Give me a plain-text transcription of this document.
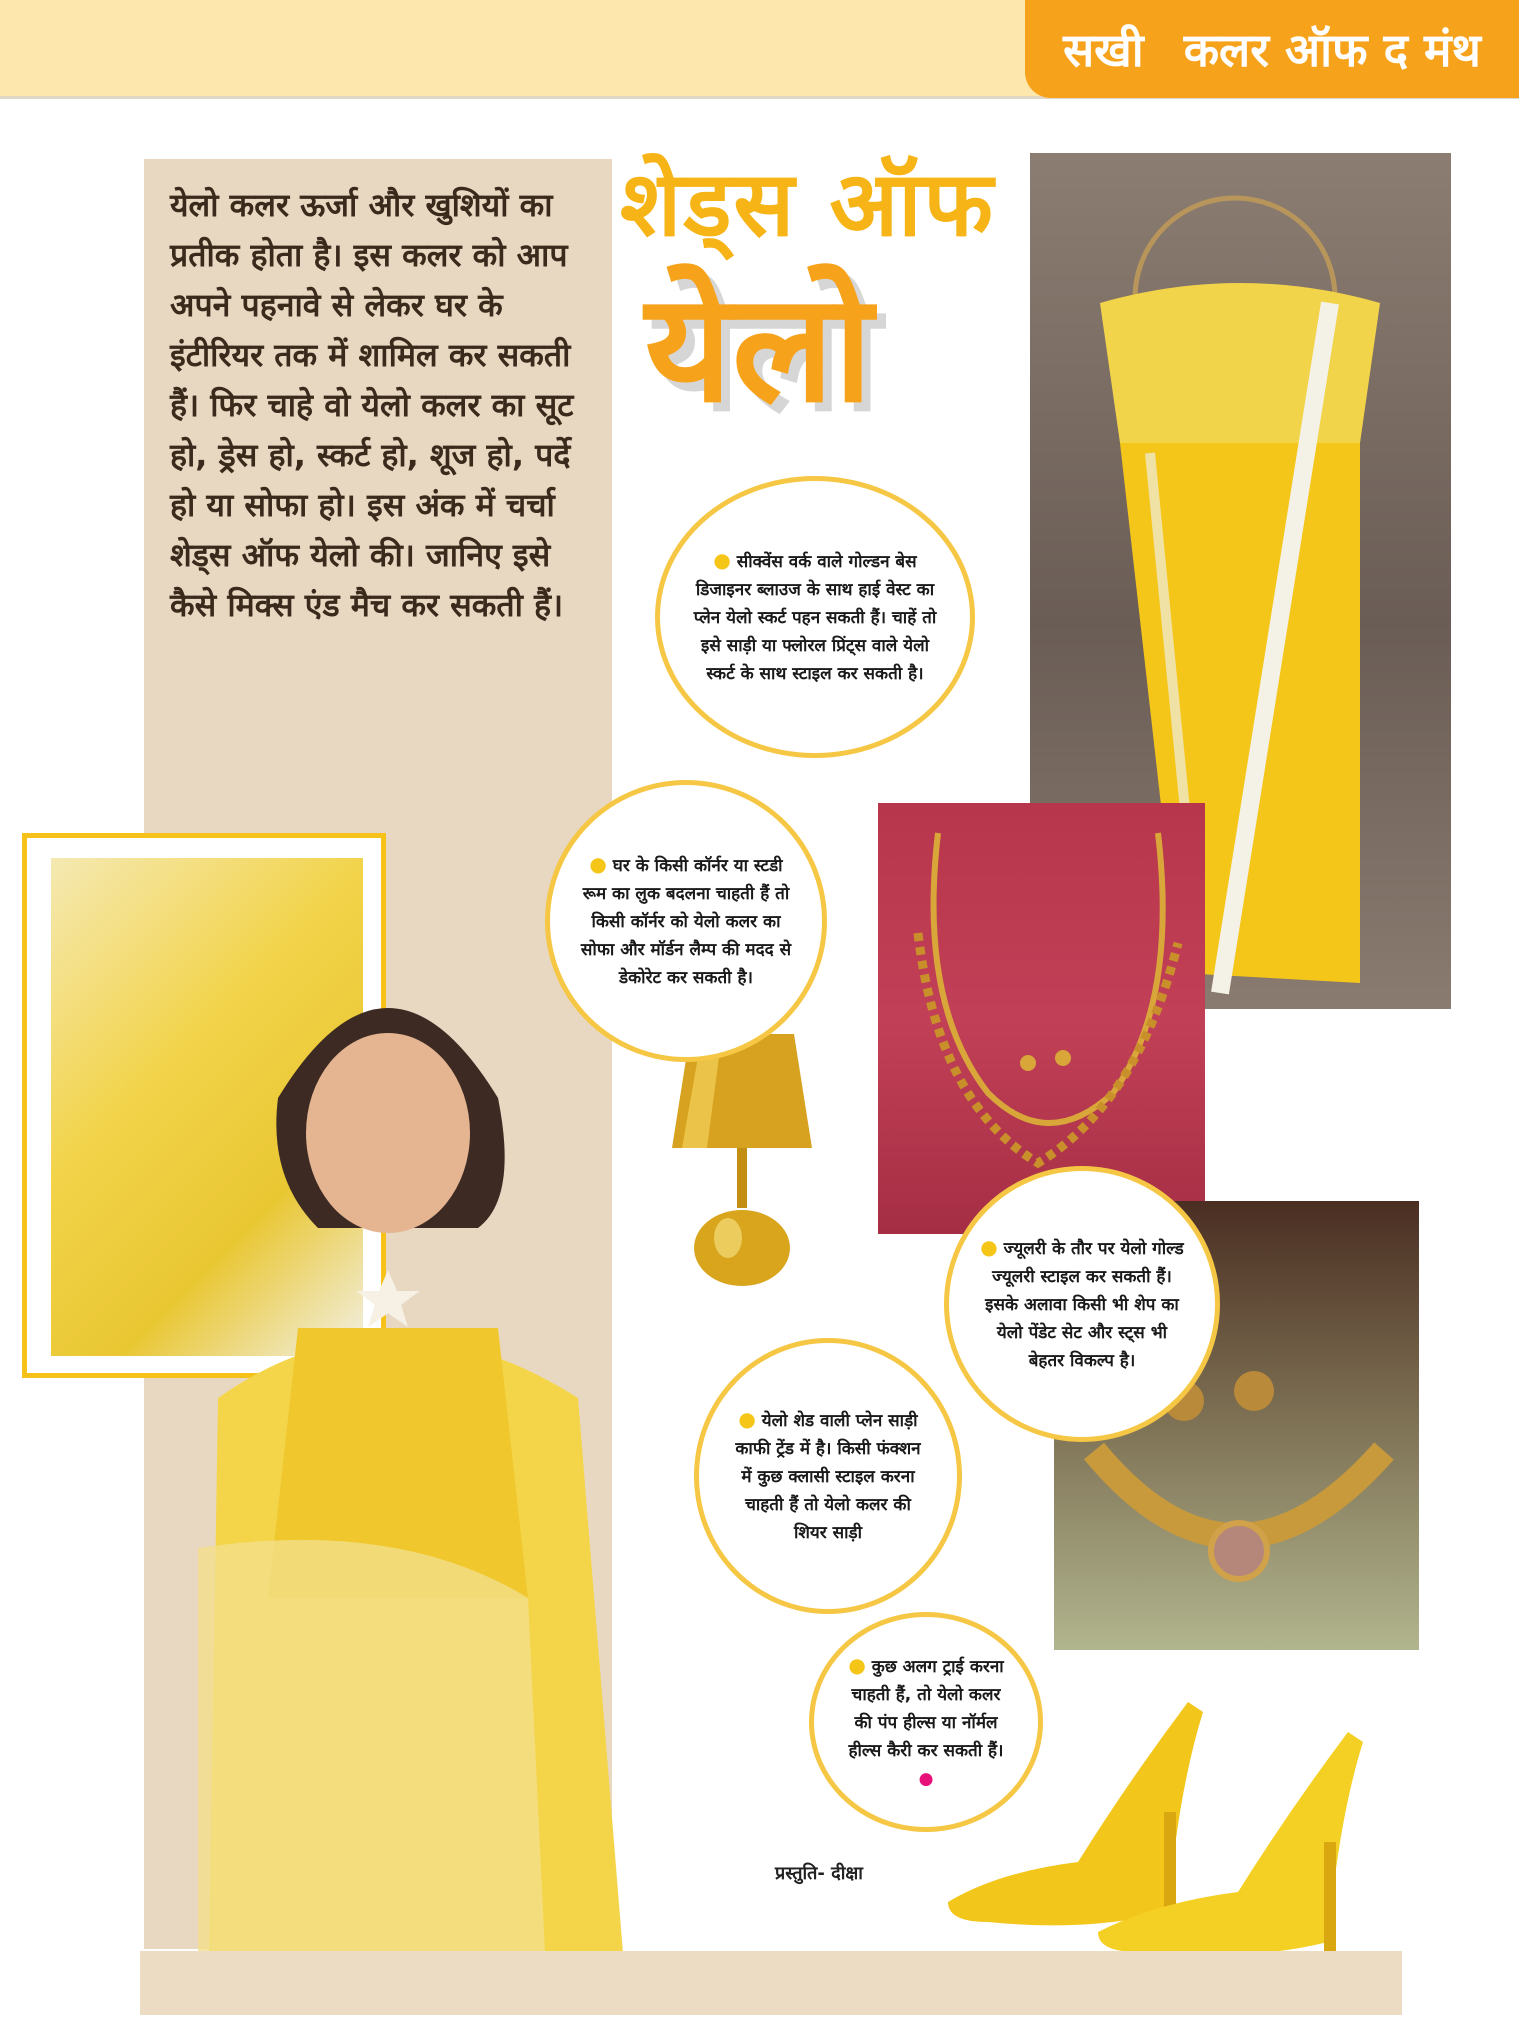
सखी कलर ऑफ द मंथ

येलो कलर ऊर्जा और खुशियों का प्रतीक होता है। इस कलर को आप अपने पहनावे से लेकर घर के इंटीरियर तक में शामिल कर सकती हैं। फिर चाहे वो येलो कलर का सूट हो, ड्रेस हो, स्कर्ट हो, शूज हो, पर्दे हो या सोफा हो। इस अंक में चर्चा शेड्स ऑफ येलो की। जानिए इसे कैसे मिक्स एंड मैच कर सकती हैं।

शेड्स ऑफ
येलो

● सीक्वेंस वर्क वाले गोल्डन बेस डिजाइनर ब्लाउज के साथ हाई वेस्ट का प्लेन येलो स्कर्ट पहन सकती हैं। चाहें तो इसे साड़ी या फ्लोरल प्रिंट्स वाले येलो स्कर्ट के साथ स्टाइल कर सकती है।

● घर के किसी कॉर्नर या स्टडी रूम का लुक बदलना चाहती हैं तो किसी कॉर्नर को येलो कलर का सोफा और मॉर्डन लैम्प की मदद से डेकोरेट कर सकती है।

● ज्यूलरी के तौर पर येलो गोल्ड ज्यूलरी स्टाइल कर सकती हैं। इसके अलावा किसी भी शेप का येलो पेंडेट सेट और स्ट्स भी बेहतर विकल्प है।

● येलो शेड वाली प्लेन साड़ी काफी ट्रेंड में है। किसी फंक्शन में कुछ क्लासी स्टाइल करना चाहती हैं तो येलो कलर की शियर साड़ी

● कुछ अलग ट्राई करना चाहती हैं, तो येलो कलर की पंप हील्स या नॉर्मल हील्स कैरी कर सकती हैं। ●

प्रस्तुति- दीक्षा
